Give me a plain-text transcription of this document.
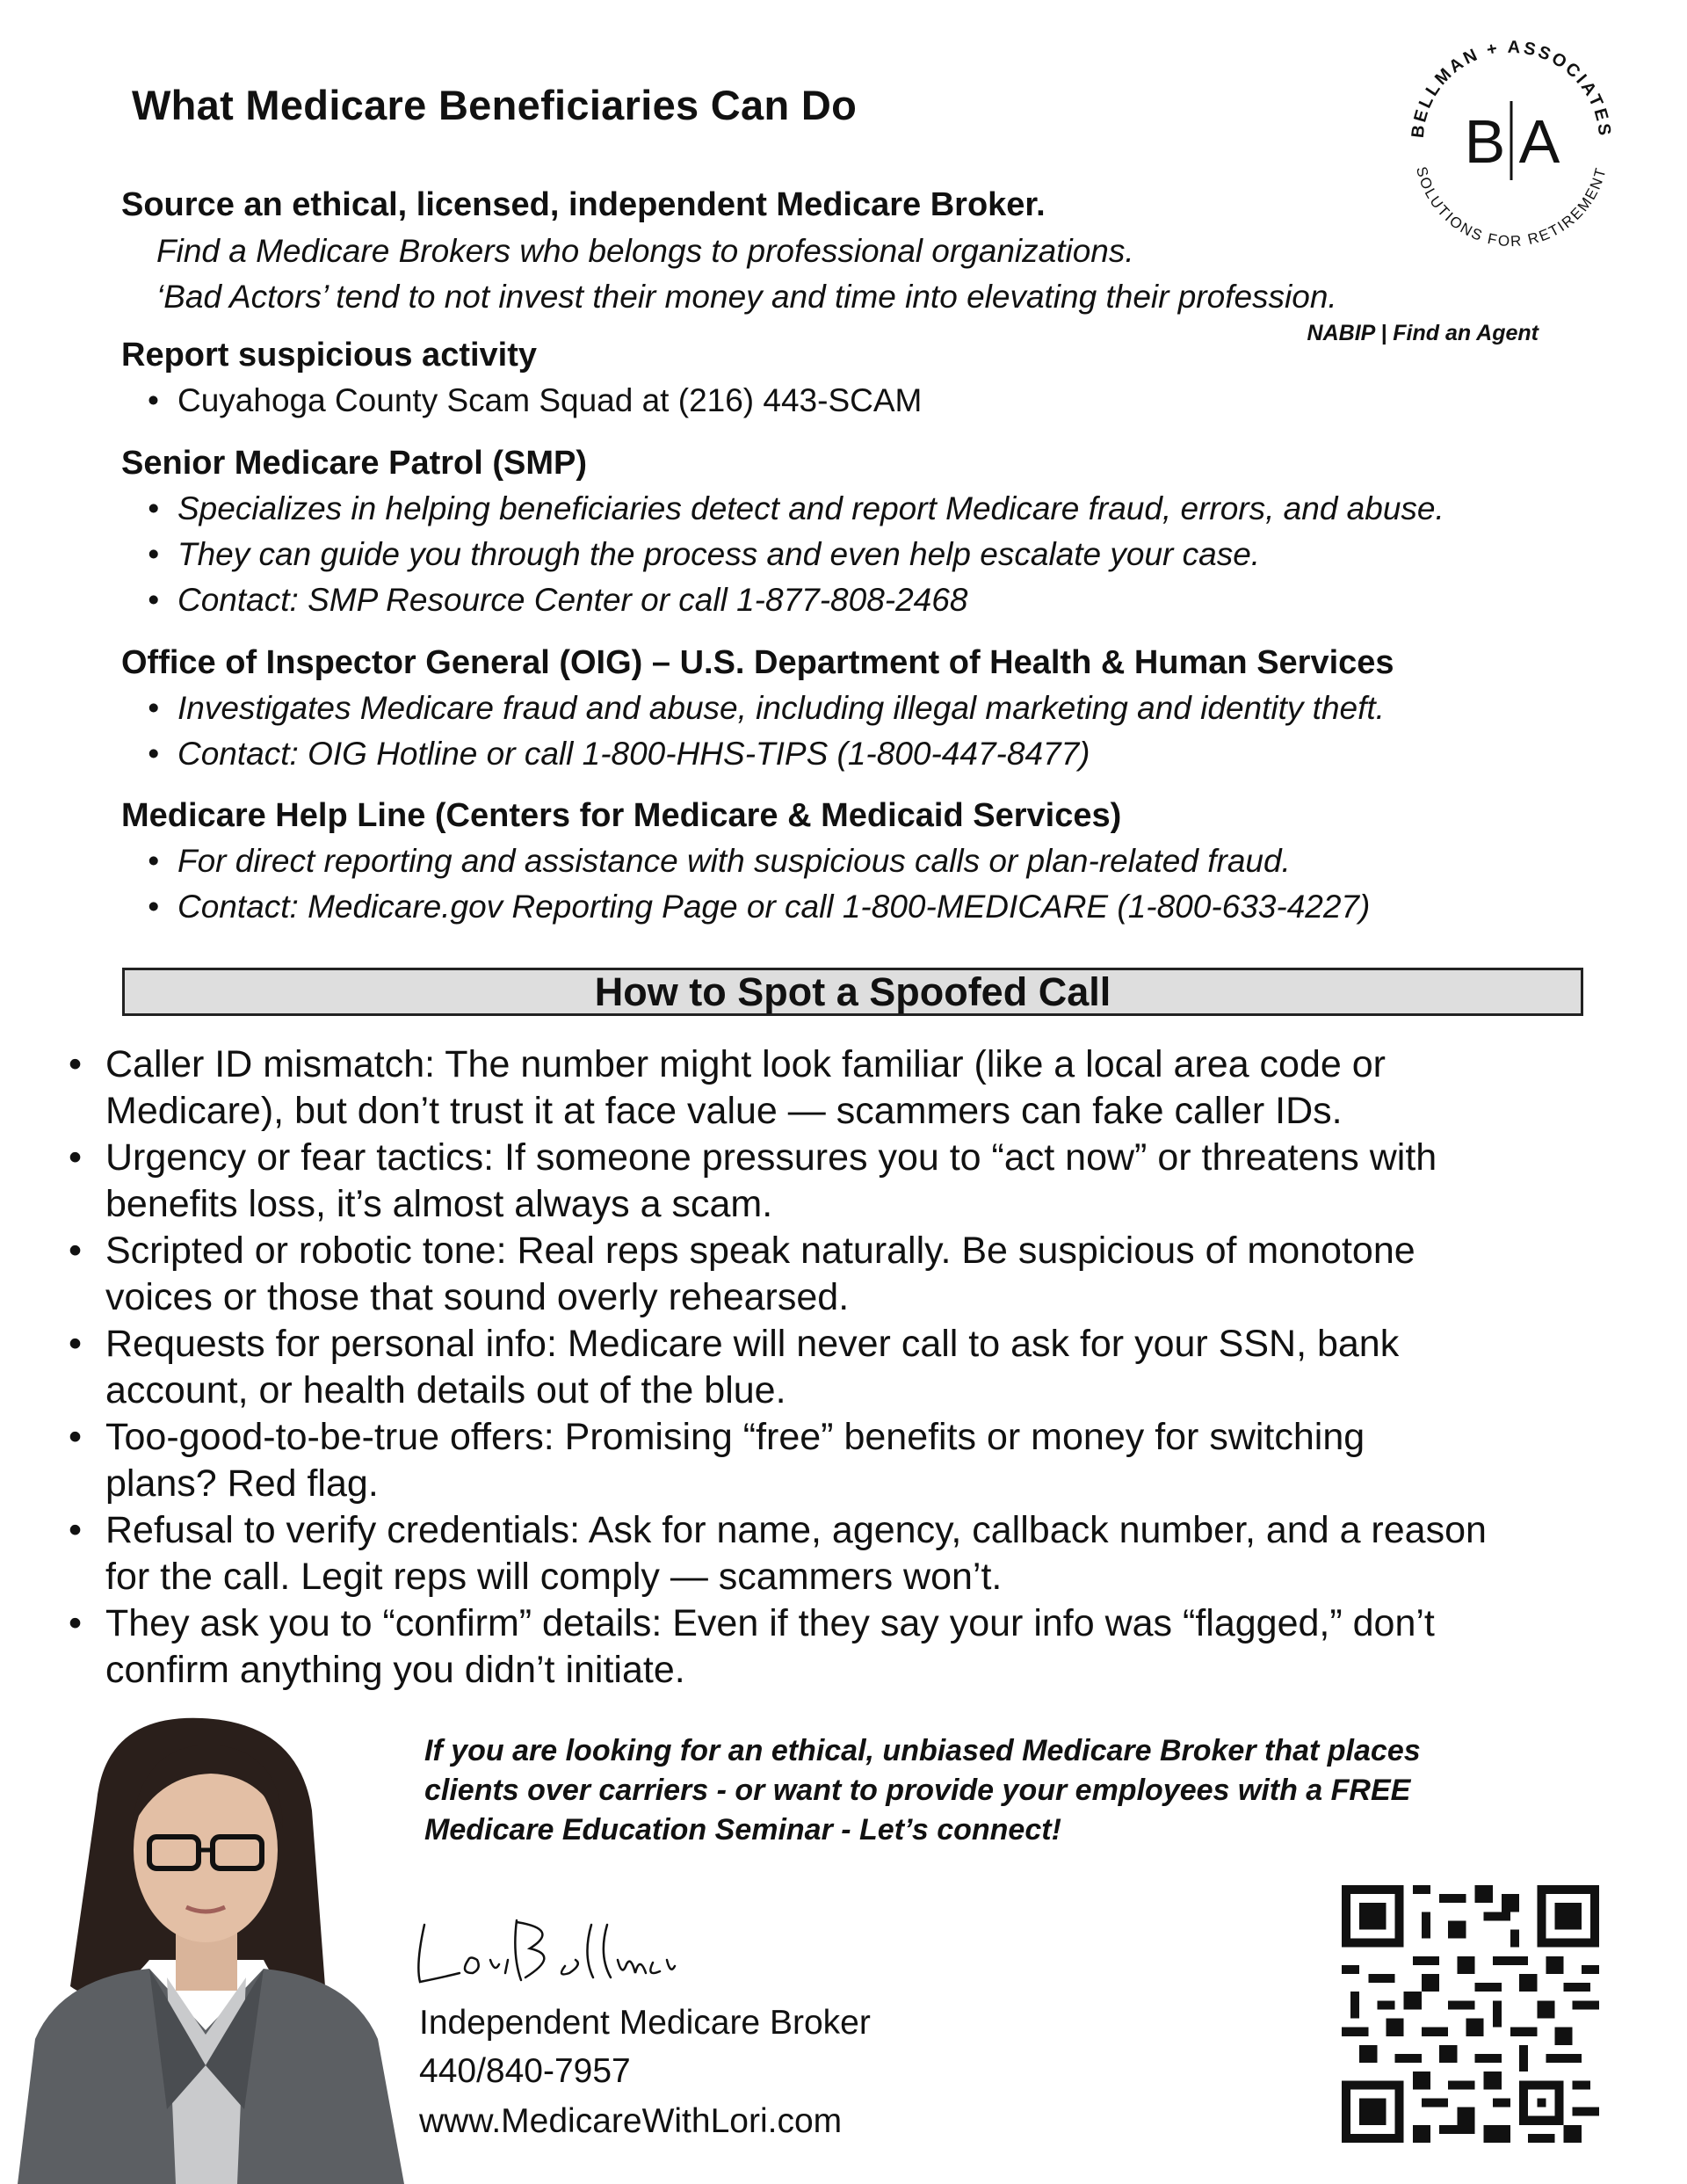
What Medicare Beneficiaries Can Do
BELLMAN + ASSOCIATES
SOLUTIONS FOR RETIREMENT
B A
Source an ethical, licensed, independent Medicare Broker.
Find a Medicare Brokers who belongs to professional organizations.
‘Bad Actors’ tend to not invest their money and time into elevating their profession.
NABIP | Find an Agent
Report suspicious activity
• Cuyahoga County Scam Squad at (216) 443-SCAM
Senior Medicare Patrol (SMP)
• Specializes in helping beneficiaries detect and report Medicare fraud, errors, and abuse.
• They can guide you through the process and even help escalate your case.
• Contact: SMP Resource Center or call 1-877-808-2468
Office of Inspector General (OIG) – U.S. Department of Health & Human Services
• Investigates Medicare fraud and abuse, including illegal marketing and identity theft.
• Contact: OIG Hotline or call 1-800-HHS-TIPS (1-800-447-8477)
Medicare Help Line (Centers for Medicare & Medicaid Services)
• For direct reporting and assistance with suspicious calls or plan-related fraud.
• Contact: Medicare.gov Reporting Page or call 1-800-MEDICARE (1-800-633-4227)
How to Spot a Spoofed Call
• Caller ID mismatch: The number might look familiar (like a local area code or
Medicare), but don’t trust it at face value — scammers can fake caller IDs.
• Urgency or fear tactics: If someone pressures you to “act now” or threatens with
benefits loss, it’s almost always a scam.
• Scripted or robotic tone: Real reps speak naturally. Be suspicious of monotone
voices or those that sound overly rehearsed.
• Requests for personal info: Medicare will never call to ask for your SSN, bank
account, or health details out of the blue.
• Too-good-to-be-true offers: Promising “free” benefits or money for switching
plans? Red flag.
• Refusal to verify credentials: Ask for name, agency, callback number, and a reason
for the call. Legit reps will comply — scammers won’t.
• They ask you to “confirm” details: Even if they say your info was “flagged,” don’t
confirm anything you didn’t initiate.
If you are looking for an ethical, unbiased Medicare Broker that places
clients over carriers - or want to provide your employees with a FREE
Medicare Education Seminar - Let’s connect!
Independent Medicare Broker
440/840-7957
www.MedicareWithLori.com
